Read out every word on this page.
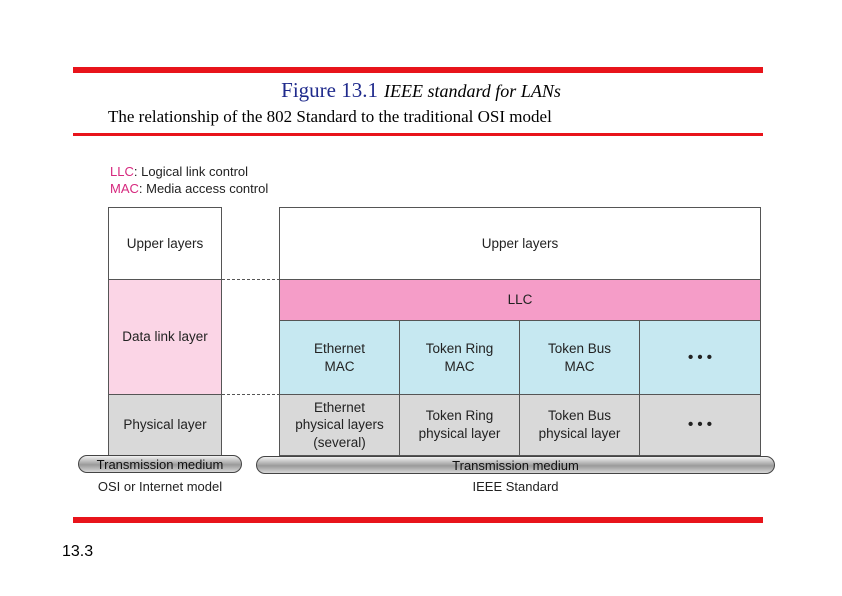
Figure 13.1 IEEE standard for LANs
The relationship of the 802 Standard to the traditional OSI model
LLC: Logical link control
MAC: Media access control
Upper layers
Data link layer
Physical layer
Upper layers
LLC
Ethernet
MAC
Token Ring
MAC
Token Bus
MAC
• • •
Ethernet
physical layers
(several)
Token Ring
physical layer
Token Bus
physical layer
• • •
Transmission medium	Transmission medium
OSI or Internet model	IEEE Standard
13.3
